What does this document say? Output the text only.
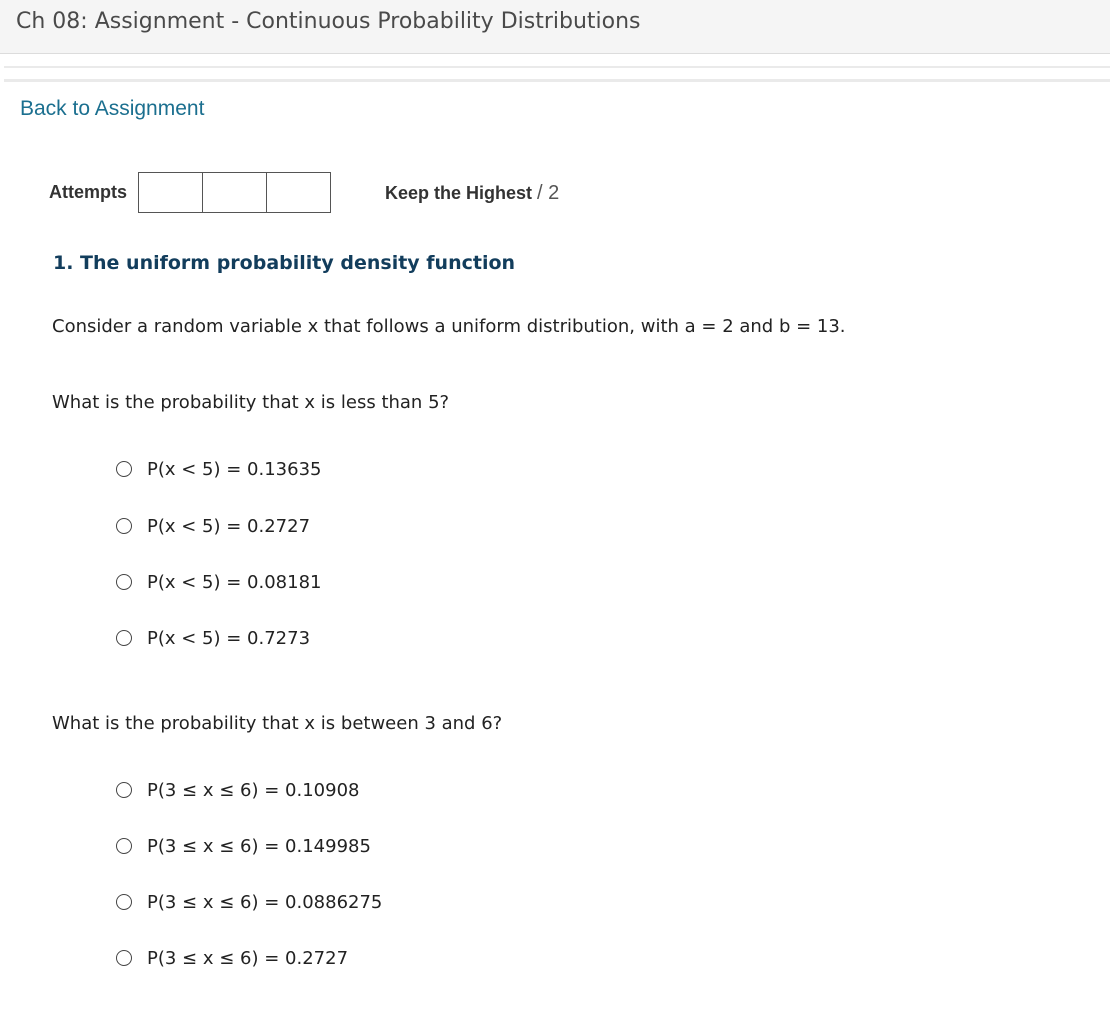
Ch 08: Assignment - Continuous Probability Distributions
Back to Assignment
Attempts	Keep the Highest / 2
1. The uniform probability density function
Consider a random variable x that follows a uniform distribution, with a = 2 and b = 13.
What is the probability that x is less than 5?
P(x < 5) = 0.13635
P(x < 5) = 0.2727
P(x < 5) = 0.08181
P(x < 5) = 0.7273
What is the probability that x is between 3 and 6?
P(3 ≤ x ≤ 6) = 0.10908
P(3 ≤ x ≤ 6) = 0.149985
P(3 ≤ x ≤ 6) = 0.0886275
P(3 ≤ x ≤ 6) = 0.2727
